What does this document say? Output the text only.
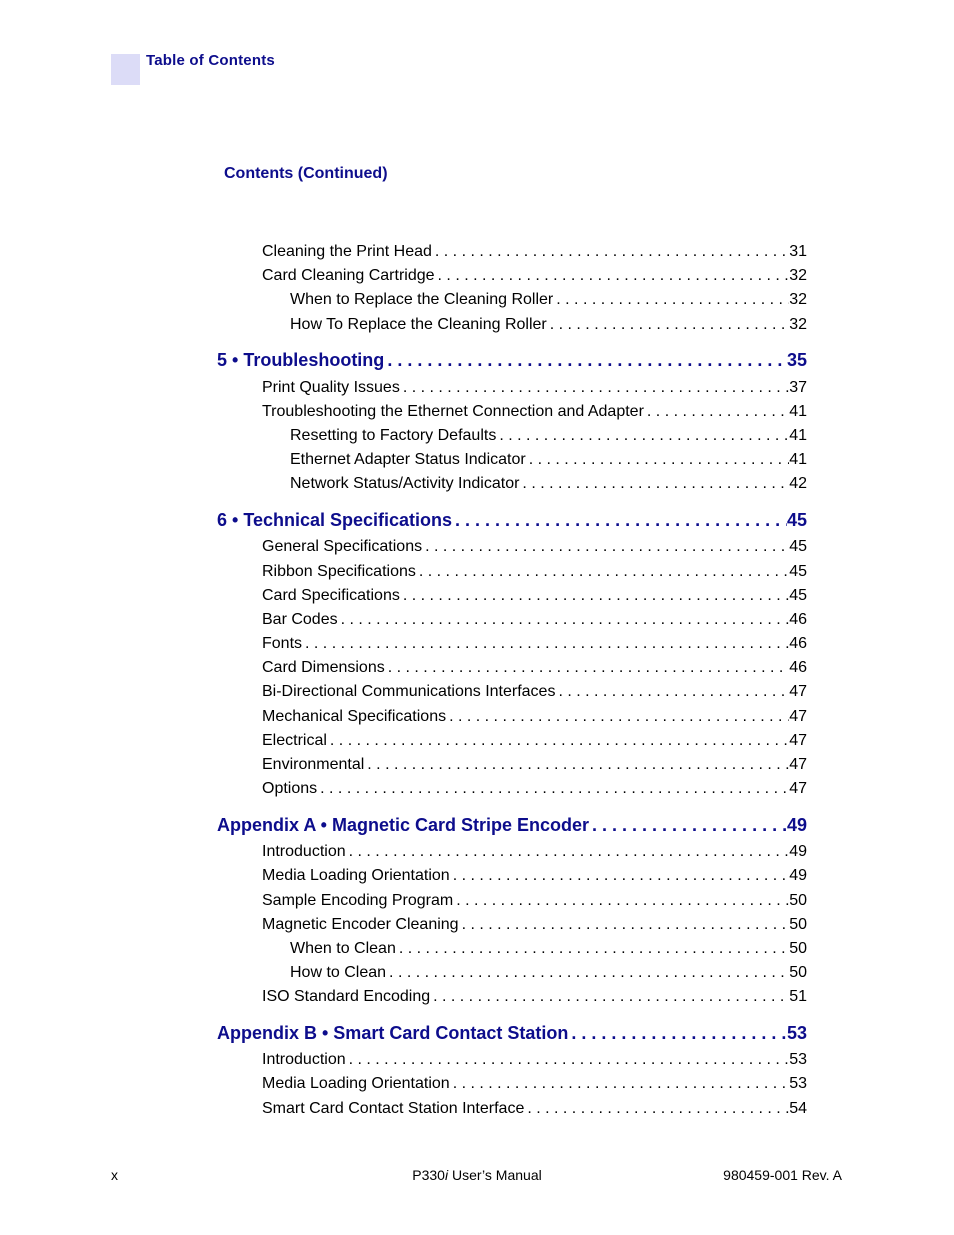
Table of Contents
Contents (Continued)
Cleaning the Print Head . . .	31
Card Cleaning Cartridge . . .	32
When to Replace the Cleaning Roller . . .	32
How To Replace the Cleaning Roller . . .	32
5 • Troubleshooting . . .	35
Print Quality Issues . . .	37
Troubleshooting the Ethernet Connection and Adapter . . .	41
Resetting to Factory Defaults . . .	41
Ethernet Adapter Status Indicator . . .	41
Network Status/Activity Indicator . . .	42
6 • Technical Specifications . . .	45
General Specifications . . .	45
Ribbon Specifications . . .	45
Card Specifications . . .	45
Bar Codes . . .	46
Fonts . . .	46
Card Dimensions . . .	46
Bi-Directional Communications Interfaces . . .	47
Mechanical Specifications . . .	47
Electrical . . .	47
Environmental . . .	47
Options . . .	47
Appendix A • Magnetic Card Stripe Encoder . . .	49
Introduction . . .	49
Media Loading Orientation . . .	49
Sample Encoding Program . . .	50
Magnetic Encoder Cleaning . . .	50
When to Clean . . .	50
How to Clean . . .	50
ISO Standard Encoding . . .	51
Appendix B • Smart Card Contact Station . . .	53
Introduction . . .	53
Media Loading Orientation . . .	53
Smart Card Contact Station Interface . . .	54
x	P330i User’s Manual	980459-001 Rev. A
